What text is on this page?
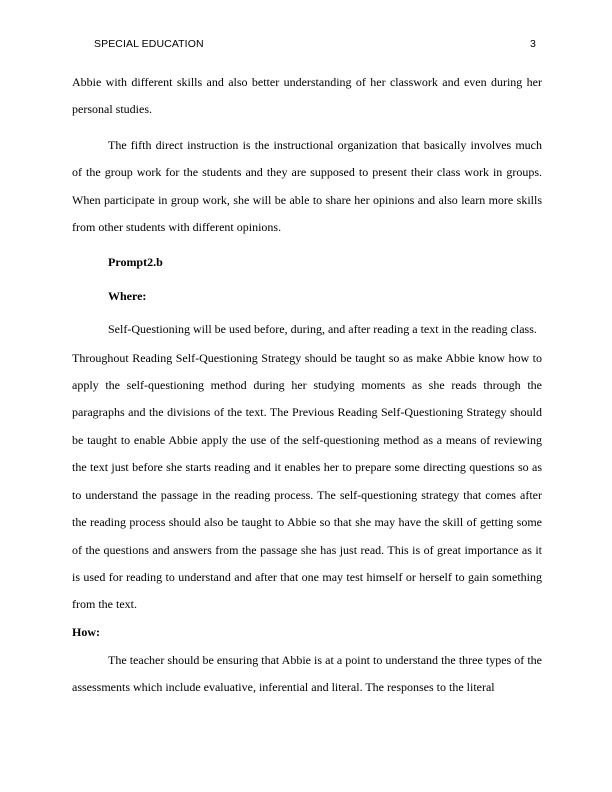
SPECIAL EDUCATION	3

Abbie with different skills and also better understanding of her classwork and even during her personal studies.

The fifth direct instruction is the instructional organization that basically involves much of the group work for the students and they are supposed to present their class work in groups. When participate in group work, she will be able to share her opinions and also learn more skills from other students with different opinions.

Prompt2.b

Where:

Self-Questioning will be used before, during, and after reading a text in the reading class.

Throughout Reading Self-Questioning Strategy should be taught so as make Abbie know how to apply the self-questioning method during her studying moments as she reads through the paragraphs and the divisions of the text. The Previous Reading Self-Questioning Strategy should be taught to enable Abbie apply the use of the self-questioning method as a means of reviewing the text just before she starts reading and it enables her to prepare some directing questions so as to understand the passage in the reading process. The self-questioning strategy that comes after the reading process should also be taught to Abbie so that she may have the skill of getting some of the questions and answers from the passage she has just read. This is of great importance as it is used for reading to understand and after that one may test himself or herself to gain something from the text.

How:

The teacher should be ensuring that Abbie is at a point to understand the three types of the assessments which include evaluative, inferential and literal. The responses to the literal
